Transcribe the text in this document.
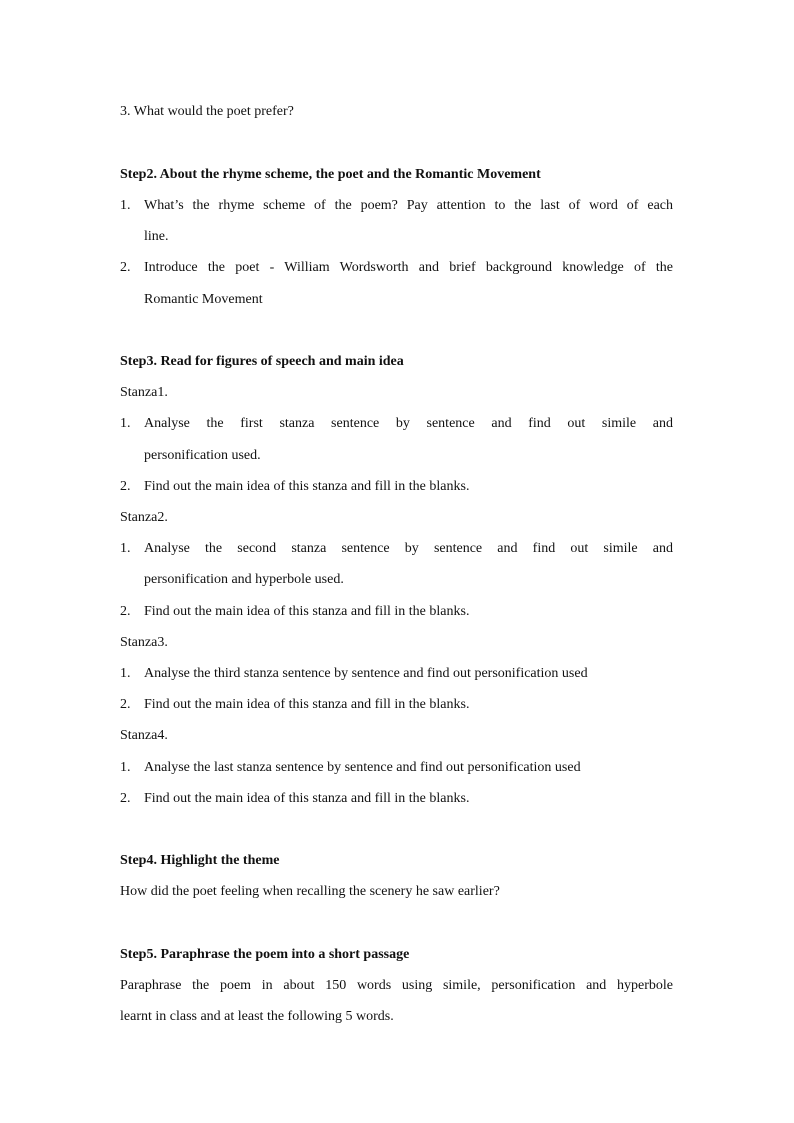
3. What would the poet prefer?
Step2. About the rhyme scheme, the poet and the Romantic Movement
1. What’s the rhyme scheme of the poem? Pay attention to the last of word of each
line.
2. Introduce the poet - William Wordsworth and brief background knowledge of the
Romantic Movement
Step3. Read for figures of speech and main idea
Stanza1.
1. Analyse the first stanza sentence by sentence and find out simile and
personification used.
2. Find out the main idea of this stanza and fill in the blanks.
Stanza2.
1. Analyse the second stanza sentence by sentence and find out simile and
personification and hyperbole used.
2. Find out the main idea of this stanza and fill in the blanks.
Stanza3.
1. Analyse the third stanza sentence by sentence and find out personification used
2. Find out the main idea of this stanza and fill in the blanks.
Stanza4.
1. Analyse the last stanza sentence by sentence and find out personification used
2. Find out the main idea of this stanza and fill in the blanks.
Step4. Highlight the theme
How did the poet feeling when recalling the scenery he saw earlier?
Step5. Paraphrase the poem into a short passage
Paraphrase the poem in about 150 words using simile, personification and hyperbole
learnt in class and at least the following 5 words.
